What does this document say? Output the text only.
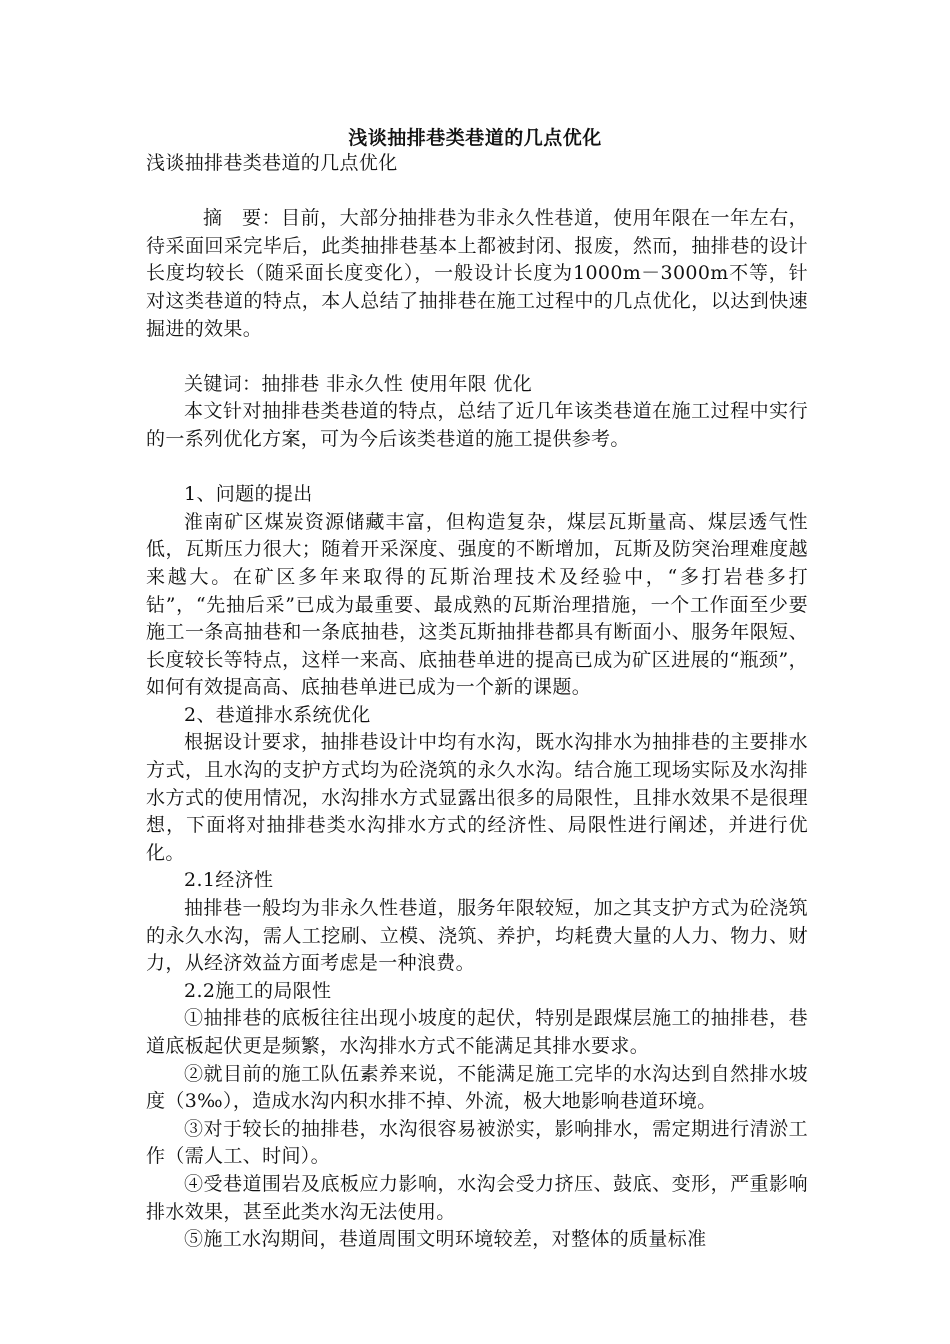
浅谈抽排巷类巷道的几点优化

浅谈抽排巷类巷道的几点优化

摘　要：目前，大部分抽排巷为非永久性巷道，使用年限在一年左右，待采面回采完毕后，此类抽排巷基本上都被封闭、报废，然而，抽排巷的设计长度均较长（随采面长度变化），一般设计长度为1000m－3000m不等，针对这类巷道的特点，本人总结了抽排巷在施工过程中的几点优化，以达到快速掘进的效果。

关键词：抽排巷 非永久性 使用年限 优化

本文针对抽排巷类巷道的特点，总结了近几年该类巷道在施工过程中实行的一系列优化方案，可为今后该类巷道的施工提供参考。

1、问题的提出

淮南矿区煤炭资源储藏丰富，但构造复杂，煤层瓦斯量高、煤层透气性低，瓦斯压力很大；随着开采深度、强度的不断增加，瓦斯及防突治理难度越来越大。在矿区多年来取得的瓦斯治理技术及经验中，“多打岩巷多打钻”，“先抽后采”已成为最重要、最成熟的瓦斯治理措施，一个工作面至少要施工一条高抽巷和一条底抽巷，这类瓦斯抽排巷都具有断面小、服务年限短、长度较长等特点，这样一来高、底抽巷单进的提高已成为矿区进展的“瓶颈”，如何有效提高高、底抽巷单进已成为一个新的课题。

2、巷道排水系统优化

根据设计要求，抽排巷设计中均有水沟，既水沟排水为抽排巷的主要排水方式，且水沟的支护方式均为砼浇筑的永久水沟。结合施工现场实际及水沟排水方式的使用情况，水沟排水方式显露出很多的局限性，且排水效果不是很理想，下面将对抽排巷类水沟排水方式的经济性、局限性进行阐述，并进行优化。

2.1经济性

抽排巷一般均为非永久性巷道，服务年限较短，加之其支护方式为砼浇筑的永久水沟，需人工挖刷、立模、浇筑、养护，均耗费大量的人力、物力、财力，从经济效益方面考虑是一种浪费。

2.2施工的局限性

①抽排巷的底板往往出现小坡度的起伏，特别是跟煤层施工的抽排巷，巷道底板起伏更是频繁，水沟排水方式不能满足其排水要求。

②就目前的施工队伍素养来说，不能满足施工完毕的水沟达到自然排水坡度（3‰），造成水沟内积水排不掉、外流，极大地影响巷道环境。

③对于较长的抽排巷，水沟很容易被淤实，影响排水，需定期进行清淤工作（需人工、时间）。

④受巷道围岩及底板应力影响，水沟会受力挤压、鼓底、变形，严重影响排水效果，甚至此类水沟无法使用。

⑤施工水沟期间，巷道周围文明环境较差，对整体的质量标准
